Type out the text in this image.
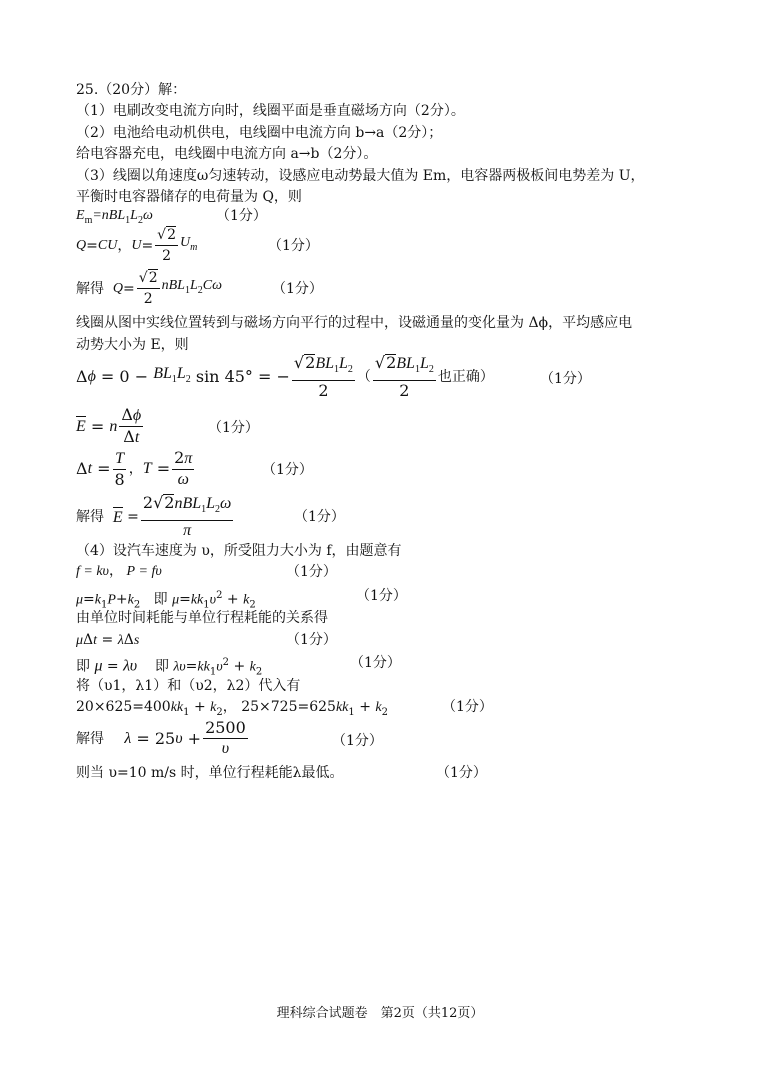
25.（20分）解：
（1）电刷改变电流方向时，线圈平面是垂直磁场方向（2分）。
（2）电池给电动机供电，电线圈中电流方向 b→a（2分）；
给电容器充电，电线圈中电流方向 a→b（2分）。
（3）线圈以角速度ω匀速转动，设感应电动势最大值为 Em，电容器两极板间电势差为 U，
平衡时电容器储存的电荷量为 Q，则
$E_m=nBL_1L_2\omega$	（1分）
Q = CU ， $U = \frac{√ 2}{2} U_m$	（1分）
解得
$Q = \frac{√ 2}{2} nBL_1L_2C\omega$	（1分）
线圈从图中实线位置转到与磁场方向平行的过程中，设磁通量的变化量为 Δϕ，平均感应电
动势大小为 E，则
Δ $\phi = 0 - BL_1L_2$ sin 45° = − $\frac{√ 2 BL_1L_2}{2}$ （ $\frac{√ 2 BL_1L_2}{2}$ 也正确）	（1分）
E = n $\frac{\Delta\phi}{\Delta t}$	（1分）
Δ $t = \frac{T}{8}$ ， $T = \frac{2\pi}{\omega}$	（1分）
解得
$E = \frac{2 √ 2 nBL_1L_2\omega}{\pi}$	（1分）
（4）设汽车速度为 υ，所受阻力大小为 f，由题意有
f = kυ， P = fυ	（1分）
$\mu=k_1P+k_2$ 即 $\mu=kk_1\upsilon^2 + k_2$
（1分）
由单位时间耗能与单位行程耗能的关系得
μΔt = λΔs	（1分）
即 μ = λυ 即 $\lambda\upsilon=kk_1\upsilon^2 + k_2$
（1分）
将（υ1，λ1）和（υ2，λ2）代入有
$20\times 625=400kk_1 + k_2$， $25\times 725=625kk_1 + k_2$	（1分）
解得
λ = 25 $\upsilon + \frac{2500}{\upsilon}$	（1分）
则当 υ=10 m/s 时，单位行程耗能λ最低。	（1分）
理科综合试题卷　第2页（共12页）
